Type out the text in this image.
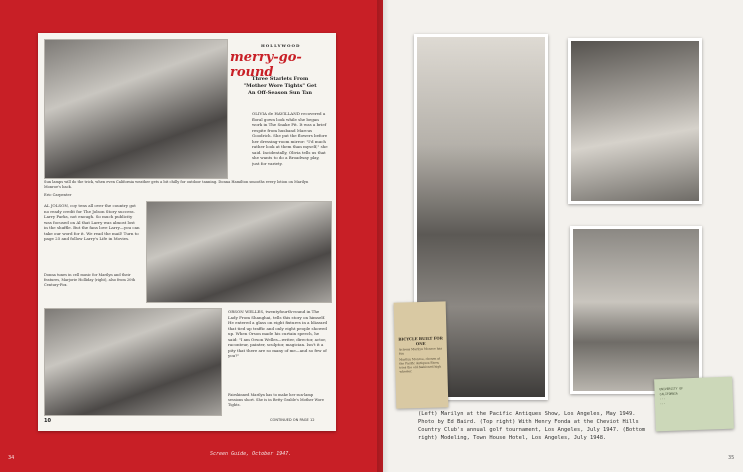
HOLLYWOOD
merry-go-round
Three Starlets From
"Mother Wore Tights" Get
An Off-Season Sun Tan
OLIVIA de HAVILLAND recovered a floral gown look while she began work in The Snake Pit. It was a brief respite from husband Marcus Goodrich. She put the flowers before her dressing-room mirror: "I'd much rather look at them than myself," she said. Incidentally, Olivia tells us that she wants to do a Broadway play, just for variety.
Sun lamps will do the trick, when even California weather gets a bit chilly for outdoor tanning. Donna Hamilton smooths every lotion on Marilyn Monroe's back.
Eric Carpenter
AL JOLSON, coy tens all over the country got no ready credit for The Jolson Story success. Larry Parks, not enough. So much publicity was focused on Al that Larry was almost lost in the shuffle. But the fans love Larry—you can take our word for it. We read the mail! Turn to page 25 and follow Larry's Life in Movies.
Donna tunes in cell music for Marilyn and their features, Marjorie Holliday (right), also from 20th Century-Fox.
ORSON WELLES, twentyfourth-round in The Lady From Shanghai, tells this story on himself. He entered a glass on eight fixtures in a blizzard that tied up traffic and only eight people showed up. When Orson made his curtain speech, he said: "I am Orson Welles—writer, director, actor, raconteur, painter, sculptor, magician. Isn't it a pity that there are so many of me—and so few of you?"
Fairskinned Marilyn has to make her sun-lamp sessions short. She is in Betty Grable's Mother Wore Tights.
10	CONTINUED ON PAGE 12
34
Screen Guide, October 1947.
35
BICYCLE BUILT FOR ONE
Actress Marilyn Monroe has fun
Marilyn Monroe, chosen at the Pacific Antiques Show, tries the old-fashioned high wheeler.
UNIVERSITY OF
CALIFORNIA
...
...
(Left) Marilyn at the Pacific Antiques Show, Los Angeles, May 1949. Photo by Ed Baird. (Top right) With Henry Fonda at the Cheviot Hills Country Club's annual golf tournament, Los Angeles, July 1947. (Bottom right) Modeling, Town House Hotel, Los Angeles, July 1948.
